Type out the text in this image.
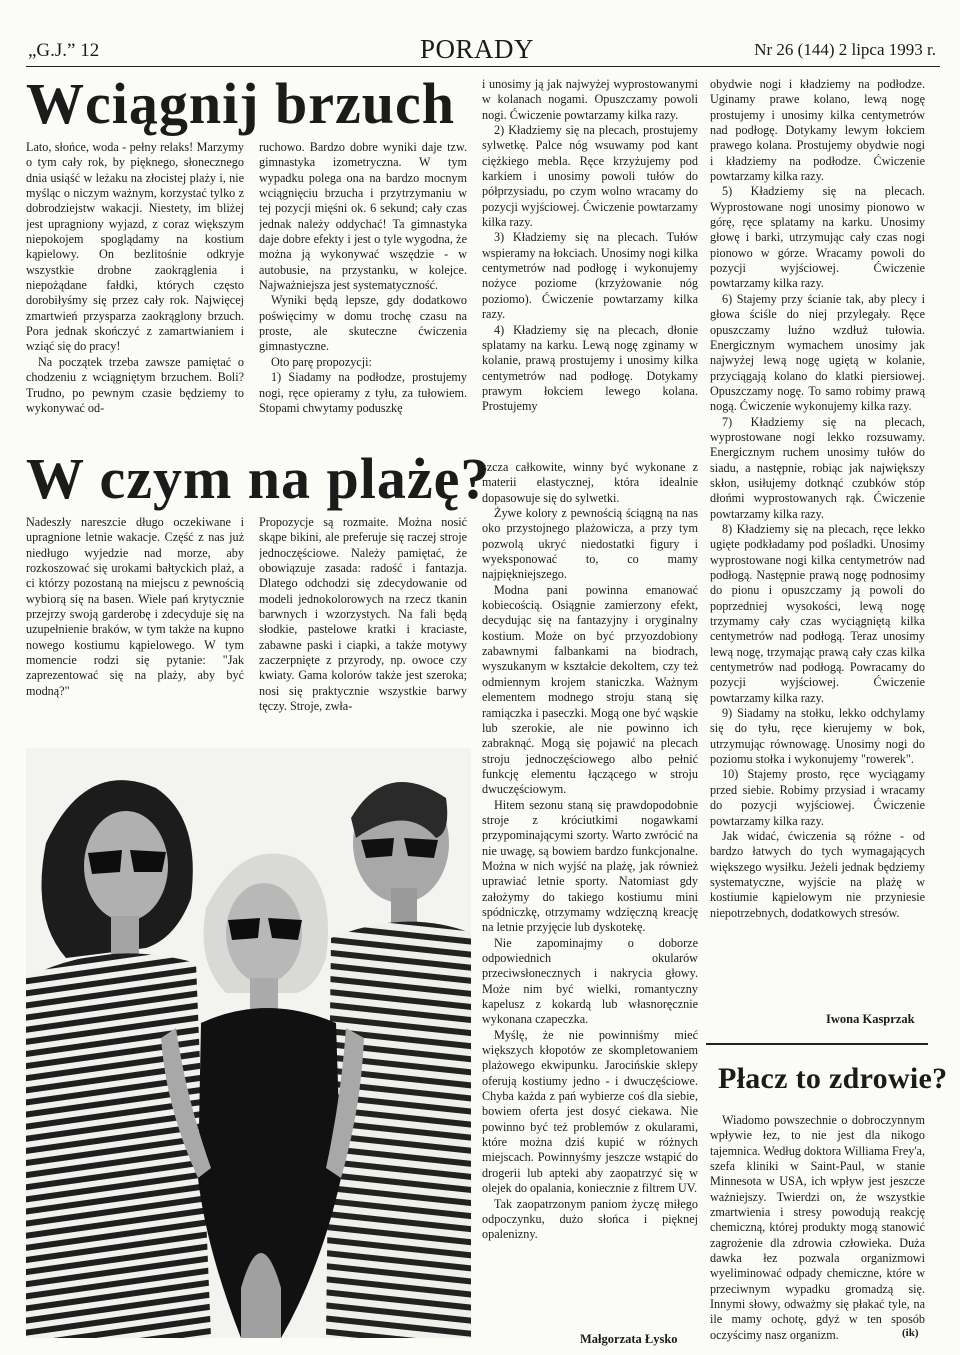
„G.J.” 12	PORADY	Nr 26 (144) 2 lipca 1993 r.
Wciągnij brzuch

Lato, słońce, woda - pełny relaks! Marzymy o tym cały rok, by pięknego, słonecznego dnia usiąść w leżaku na złocistej plaży i, nie myśląc o niczym ważnym, korzystać tylko z dobrodziejstw wakacji. Niestety, im bliżej jest upragniony wyjazd, z coraz większym niepokojem spoglądamy na kostium kąpielowy. On bezlitośnie odkryje wszystkie drobne zaokrąglenia i niepożądane fałdki, których często dorobiłyśmy się przez cały rok. Najwięcej zmartwień przysparza zaokrąglony brzuch. Pora jednak skończyć z zamartwianiem i wziąć się do pracy!

Na początek trzeba zawsze pamiętać o chodzeniu z wciągniętym brzuchem. Boli? Trudno, po pewnym czasie będziemy to wykonywać od-

ruchowo. Bardzo dobre wyniki daje tzw. gimnastyka izometryczna. W tym wypadku polega ona na bardzo mocnym wciągnięciu brzucha i przytrzymaniu w tej pozycji mięśni ok. 6 sekund; cały czas jednak należy oddychać! Ta gimnastyka daje dobre efekty i jest o tyle wygodna, że można ją wykonywać wszędzie - w autobusie, na przystanku, w kolejce. Najważniejsza jest systematyczność.

Wyniki będą lepsze, gdy dodatkowo poświęcimy w domu trochę czasu na proste, ale skuteczne ćwiczenia gimnastyczne.

Oto parę propozycji:

1) Siadamy na podłodze, prostujemy nogi, ręce opieramy z tyłu, za tułowiem. Stopami chwytamy poduszkę

i unosimy ją jak najwyżej wyprostowanymi w kolanach nogami. Opuszczamy powoli nogi. Ćwiczenie powtarzamy kilka razy.

2) Kładziemy się na plecach, prostujemy sylwetkę. Palce nóg wsuwamy pod kant ciężkiego mebla. Ręce krzyżujemy pod karkiem i unosimy powoli tułów do półprzysiadu, po czym wolno wracamy do pozycji wyjściowej. Ćwiczenie powtarzamy kilka razy.

3) Kładziemy się na plecach. Tułów wspieramy na łokciach. Unosimy nogi kilka centymetrów nad podłogę i wykonujemy nożyce poziome (krzyżowanie nóg poziomo). Ćwiczenie powtarzamy kilka razy.

4) Kładziemy się na plecach, dłonie splatamy na karku. Lewą nogę zginamy w kolanie, prawą prostujemy i unosimy kilka centymetrów nad podłogę. Dotykamy prawym łokciem lewego kolana. Prostujemy

obydwie nogi i kładziemy na podłodze. Uginamy prawe kolano, lewą nogę prostujemy i unosimy kilka centymetrów nad podłogę. Dotykamy lewym łokciem prawego kolana. Prostujemy obydwie nogi i kładziemy na podłodze. Ćwiczenie powtarzamy kilka razy.

5) Kładziemy się na plecach. Wyprostowane nogi unosimy pionowo w górę, ręce splatamy na karku. Unosimy głowę i barki, utrzymując cały czas nogi pionowo w górze. Wracamy powoli do pozycji wyjściowej. Ćwiczenie powtarzamy kilka razy.

6) Stajemy przy ścianie tak, aby plecy i głowa ściśle do niej przylegały. Ręce opuszczamy luźno wzdłuż tułowia. Energicznym wymachem unosimy jak najwyżej lewą nogę ugiętą w kolanie, przyciągają kolano do klatki piersiowej. Opuszczamy nogę. To samo robimy prawą nogą. Ćwiczenie wykonujemy kilka razy.

7) Kładziemy się na plecach, wyprostowane nogi lekko rozsuwamy. Energicznym ruchem unosimy tułów do siadu, a następnie, robiąc jak największy skłon, usiłujemy dotknąć czubków stóp dłońmi wyprostowanych rąk. Ćwiczenie powtarzamy kilka razy.

8) Kładziemy się na plecach, ręce lekko ugięte podkładamy pod pośladki. Unosimy wyprostowane nogi kilka centymetrów nad podłogą. Następnie prawą nogę podnosimy do pionu i opuszczamy ją powoli do poprzedniej wysokości, lewą nogę trzymamy cały czas wyciągniętą kilka centymetrów nad podłogą. Teraz unosimy lewą nogę, trzymając prawą cały czas kilka centymetrów nad podłogą. Powracamy do pozycji wyjściowej. Ćwiczenie powtarzamy kilka razy.

9) Siadamy na stołku, lekko odchylamy się do tyłu, ręce kierujemy w bok, utrzymując równowagę. Unosimy nogi do poziomu stołka i wykonujemy "rowerek".

10) Stajemy prosto, ręce wyciągamy przed siebie. Robimy przysiad i wracamy do pozycji wyjściowej. Ćwiczenie powtarzamy kilka razy.

Jak widać, ćwiczenia są różne - od bardzo łatwych do tych wymagających większego wysiłku. Jeżeli jednak będziemy systematyczne, wyjście na plażę w kostiumie kąpielowym nie przyniesie niepotrzebnych, dodatkowych stresów.

Iwona Kasprzak
W czym na plażę?

Nadeszły nareszcie długo oczekiwane i upragnione letnie wakacje. Część z nas już niedługo wyjedzie nad morze, aby rozkoszować się urokami bałtyckich plaż, a ci którzy pozostaną na miejscu z pewnością wybiorą się na basen. Wiele pań krytycznie przejrzy swoją garderobę i zdecyduje się na uzupełnienie braków, w tym także na kupno nowego kostiumu kąpielowego. W tym momencie rodzi się pytanie: "Jak zaprezentować się na plaży, aby być modną?"

Propozycje są rozmaite. Można nosić skąpe bikini, ale preferuje się raczej stroje jednoczęściowe. Należy pamiętać, że obowiązuje zasada: radość i fantazja. Dlatego odchodzi się zdecydowanie od modeli jednokolorowych na rzecz tkanin barwnych i wzorzystych. Na fali będą słodkie, pastelowe kratki i kraciaste, zabawne paski i ciapki, a także motywy zaczerpnięte z przyrody, np. owoce czy kwiaty. Gama kolorów także jest szeroka; nosi się praktycznie wszystkie barwy tęczy. Stroje, zwła-

szcza całkowite, winny być wykonane z materii elastycznej, która idealnie dopasowuje się do sylwetki.

Żywe kolory z pewnością ściągną na nas oko przystojnego plażowicza, a przy tym pozwolą ukryć niedostatki figury i wyeksponować to, co mamy najpiękniejszego.

Modna pani powinna emanować kobiecością. Osiągnie zamierzony efekt, decydując się na fantazyjny i oryginalny kostium. Może on być przyozdobiony zabawnymi falbankami na biodrach, wyszukanym w kształcie dekoltem, czy też odmiennym krojem staniczka. Ważnym elementem modnego stroju staną się ramiączka i paseczki. Mogą one być wąskie lub szerokie, ale nie powinno ich zabraknąć. Mogą się pojawić na plecach stroju jednoczęściowego albo pełnić funkcję elementu łączącego w stroju dwuczęściowym.

Hitem sezonu staną się prawdopodobnie stroje z króciutkimi nogawkami przypominającymi szorty. Warto zwrócić na nie uwagę, są bowiem bardzo funkcjonalne. Można w nich wyjść na plażę, jak również uprawiać letnie sporty. Natomiast gdy założymy do takiego kostiumu mini spódniczkę, otrzymamy wdzięczną kreację na letnie przyjęcie lub dyskotekę.

Nie zapominajmy o doborze odpowiednich okularów przeciwsłonecznych i nakrycia głowy. Może nim być wielki, romantyczny kapelusz z kokardą lub własnoręcznie wykonana czapeczka.

Myślę, że nie powinniśmy mieć większych kłopotów ze skompletowaniem plażowego ekwipunku. Jarocińskie sklepy oferują kostiumy jedno - i dwuczęściowe. Chyba każda z pań wybierze coś dla siebie, bowiem oferta jest dosyć ciekawa. Nie powinno być też problemów z okularami, które można dziś kupić w różnych miejscach. Powinnyśmy jeszcze wstąpić do drogerii lub apteki aby zaopatrzyć się w olejek do opalania, koniecznie z filtrem UV.

Tak zaopatrzonym paniom życzę miłego odpoczynku, dużo słońca i pięknej opalenizny.

Małgorzata Łysko
Płacz to zdrowie?

Wiadomo powszechnie o dobroczynnym wpływie łez, to nie jest dla nikogo tajemnica. Według doktora Williama Frey'a, szefa kliniki w Saint-Paul, w stanie Minnesota w USA, ich wpływ jest jeszcze ważniejszy. Twierdzi on, że wszystkie zmartwienia i stresy powodują reakcję chemiczną, której produkty mogą stanowić zagrożenie dla zdrowia człowieka. Duża dawka łez pozwala organizmowi wyeliminować odpady chemiczne, które w przeciwnym wypadku gromadzą się. Innymi słowy, odważmy się płakać tyle, na ile mamy ochotę, gdyż w ten sposób oczyścimy nasz organizm.	(ik)
